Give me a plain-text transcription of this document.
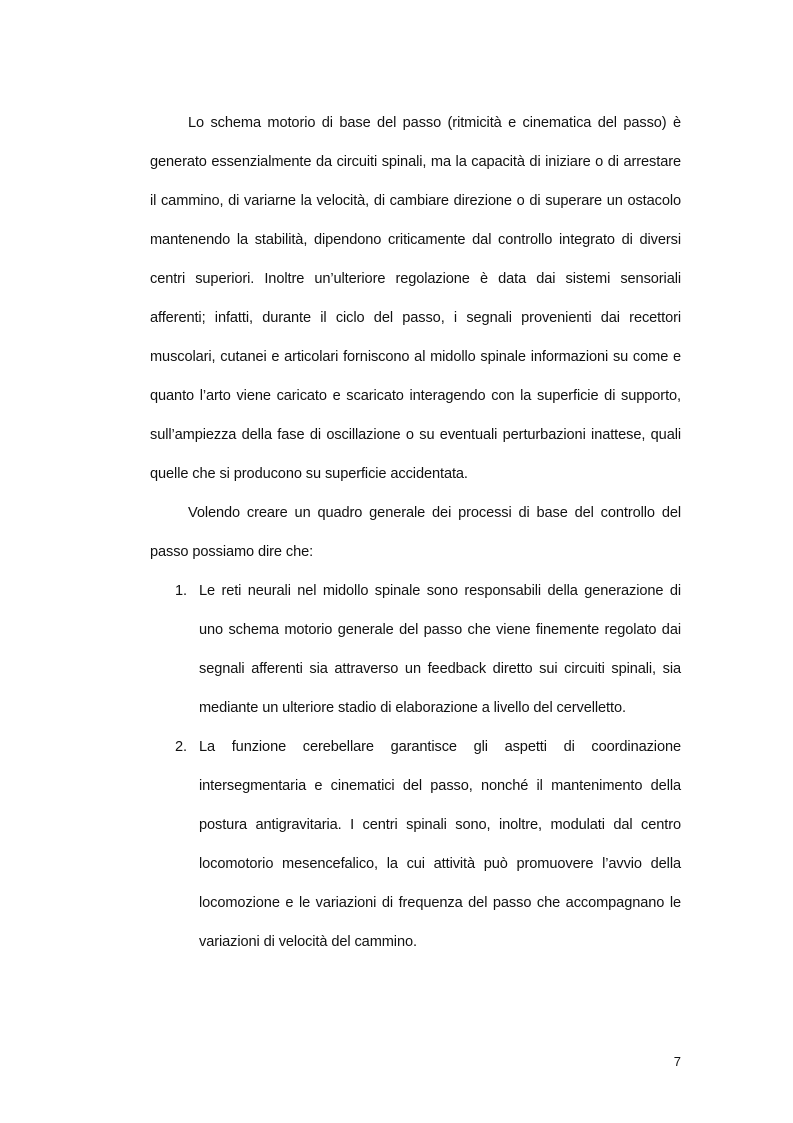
Lo schema motorio di base del passo (ritmicità e cinematica del passo) è generato essenzialmente da circuiti spinali, ma la capacità di iniziare o di arrestare il cammino, di variarne la velocità, di cambiare direzione o di superare un ostacolo mantenendo la stabilità, dipendono criticamente dal controllo integrato di diversi centri superiori. Inoltre un’ulteriore regolazione è data dai sistemi sensoriali afferenti; infatti, durante il ciclo del passo, i segnali provenienti dai recettori muscolari, cutanei e articolari forniscono al midollo spinale informazioni su come e quanto l’arto viene caricato e scaricato interagendo con la superficie di supporto, sull’ampiezza della fase di oscillazione o su eventuali perturbazioni inattese, quali quelle che si producono su superficie accidentata.

Volendo creare un quadro generale dei processi di base del controllo del passo possiamo dire che:

1. Le reti neurali nel midollo spinale sono responsabili della generazione di uno schema motorio generale del passo che viene finemente regolato dai segnali afferenti sia attraverso un feedback diretto sui circuiti spinali, sia mediante un ulteriore stadio di elaborazione a livello del cervelletto.
2. La funzione cerebellare garantisce gli aspetti di coordinazione intersegmentaria e cinematici del passo, nonché il mantenimento della postura antigravitaria. I centri spinali sono, inoltre, modulati dal centro locomotorio mesencefalico, la cui attività può promuovere l’avvio della locomozione e le variazioni di frequenza del passo che accompagnano le variazioni di velocità del cammino.
7
